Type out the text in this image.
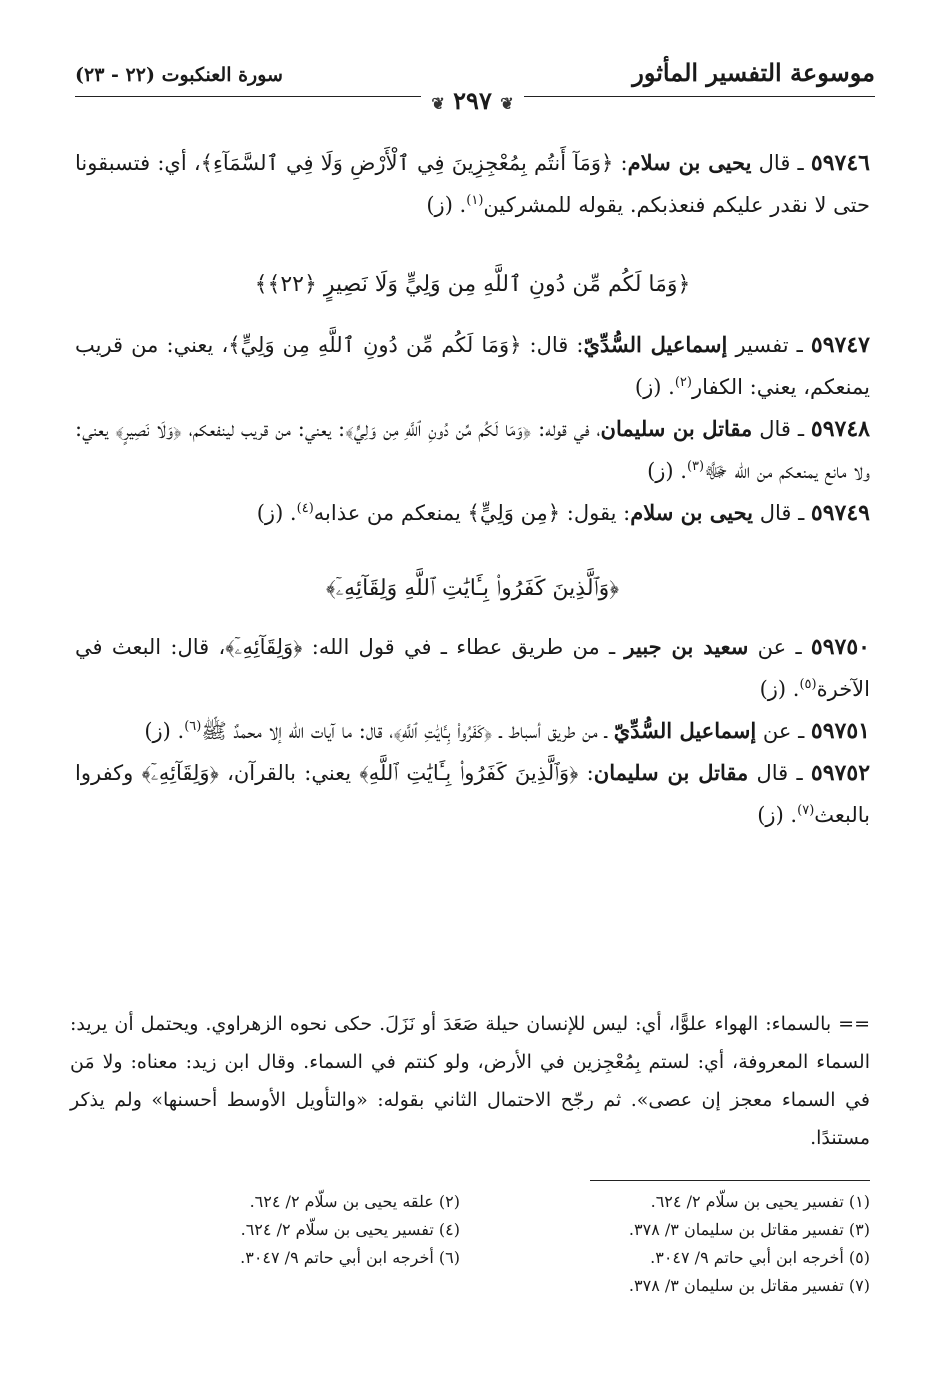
موسوعة التفسير المأثور
سورة العنكبوت (٢٢ - ٢٣)
❦ ٢٩٧ ❦

٥٩٧٤٦ ـ قال يحيى بن سلام: ﴿وَمَآ أَنتُم بِمُعْجِزِينَ فِي ٱلْأَرْضِ وَلَا فِي ٱلسَّمَآءِ﴾، أي: فتسبقونا حتى لا نقدر عليكم فنعذبكم. يقوله للمشركين$^{(١)}$. (ز)

﴿وَمَا لَكُم مِّن دُونِ ٱللَّهِ مِن وَلِيٍّ وَلَا نَصِيرٍ ﴿٢٢﴾﴾

٥٩٧٤٧ ـ تفسير إسماعيل السُّدِّيّ: قال: ﴿وَمَا لَكُم مِّن دُونِ ٱللَّهِ مِن وَلِيٍّ﴾، يعني: من قريب يمنعكم، يعني: الكفار$^{(٢)}$. (ز)

٥٩٧٤٨ ـ قال مقاتل بن سليمان، في قوله: ﴿وَمَا لَكُم مِّن دُونِ ٱللَّهِ مِن وَلِيٍّ﴾: يعني: من قريب لينفعكم، ﴿وَلَا نَصِيرٍ﴾ يعني: ولا مانع يمنعكم من الله ﷻ$^{(٣)}$. (ز)

٥٩٧٤٩ ـ قال يحيى بن سلام: يقول: ﴿مِن وَلِيٍّ﴾ يمنعكم من عذابه$^{(٤)}$. (ز)

﴿وَٱلَّذِينَ كَفَرُوا۟ بِـَٔايَٰتِ ٱللَّهِ وَلِقَآئِهِۦٓ﴾

٥٩٧٥٠ ـ عن سعيد بن جبير ـ من طريق عطاء ـ في قول الله: ﴿وَلِقَآئِهِۦٓ﴾، قال: البعث في الآخرة$^{(٥)}$. (ز)

٥٩٧٥١ ـ عن إسماعيل السُّدِّيّ ـ من طريق أسباط ـ ﴿كَفَرُوا۟ بِـَٔايَٰتِ ٱللَّهِ﴾، قال: ما آيات الله إلا محمدٌ ﷺ$^{(٦)}$. (ز)

٥٩٧٥٢ ـ قال مقاتل بن سليمان: ﴿وَٱلَّذِينَ كَفَرُوا۟ بِـَٔايَٰتِ ٱللَّهِ﴾ يعني: بالقرآن، ﴿وَلِقَآئِهِۦٓ﴾ وكفروا بالبعث$^{(٧)}$. (ز)

== بالسماء: الهواء علوًّا، أي: ليس للإنسان حيلة صَعَدَ أو نَزَلَ. حكى نحوه الزهراوي. ويحتمل أن يريد: السماء المعروفة، أي: لستم بِمُعْجِزين في الأرض، ولو كنتم في السماء. وقال ابن زيد: معناه: ولا مَن في السماء معجز إن عصى». ثم رجّح الاحتمال الثاني بقوله: «والتأويل الأوسط أحسنها» ولم يذكر مستندًا.
(١) تفسير يحيى بن سلّام ٢/ ٦٢٤.
(٢) علقه يحيى بن سلّام ٢/ ٦٢٤.
(٣) تفسير مقاتل بن سليمان ٣/ ٣٧٨.
(٤) تفسير يحيى بن سلّام ٢/ ٦٢٤.
(٥) أخرجه ابن أبي حاتم ٩/ ٣٠٤٧.
(٦) أخرجه ابن أبي حاتم ٩/ ٣٠٤٧.
(٧) تفسير مقاتل بن سليمان ٣/ ٣٧٨.
